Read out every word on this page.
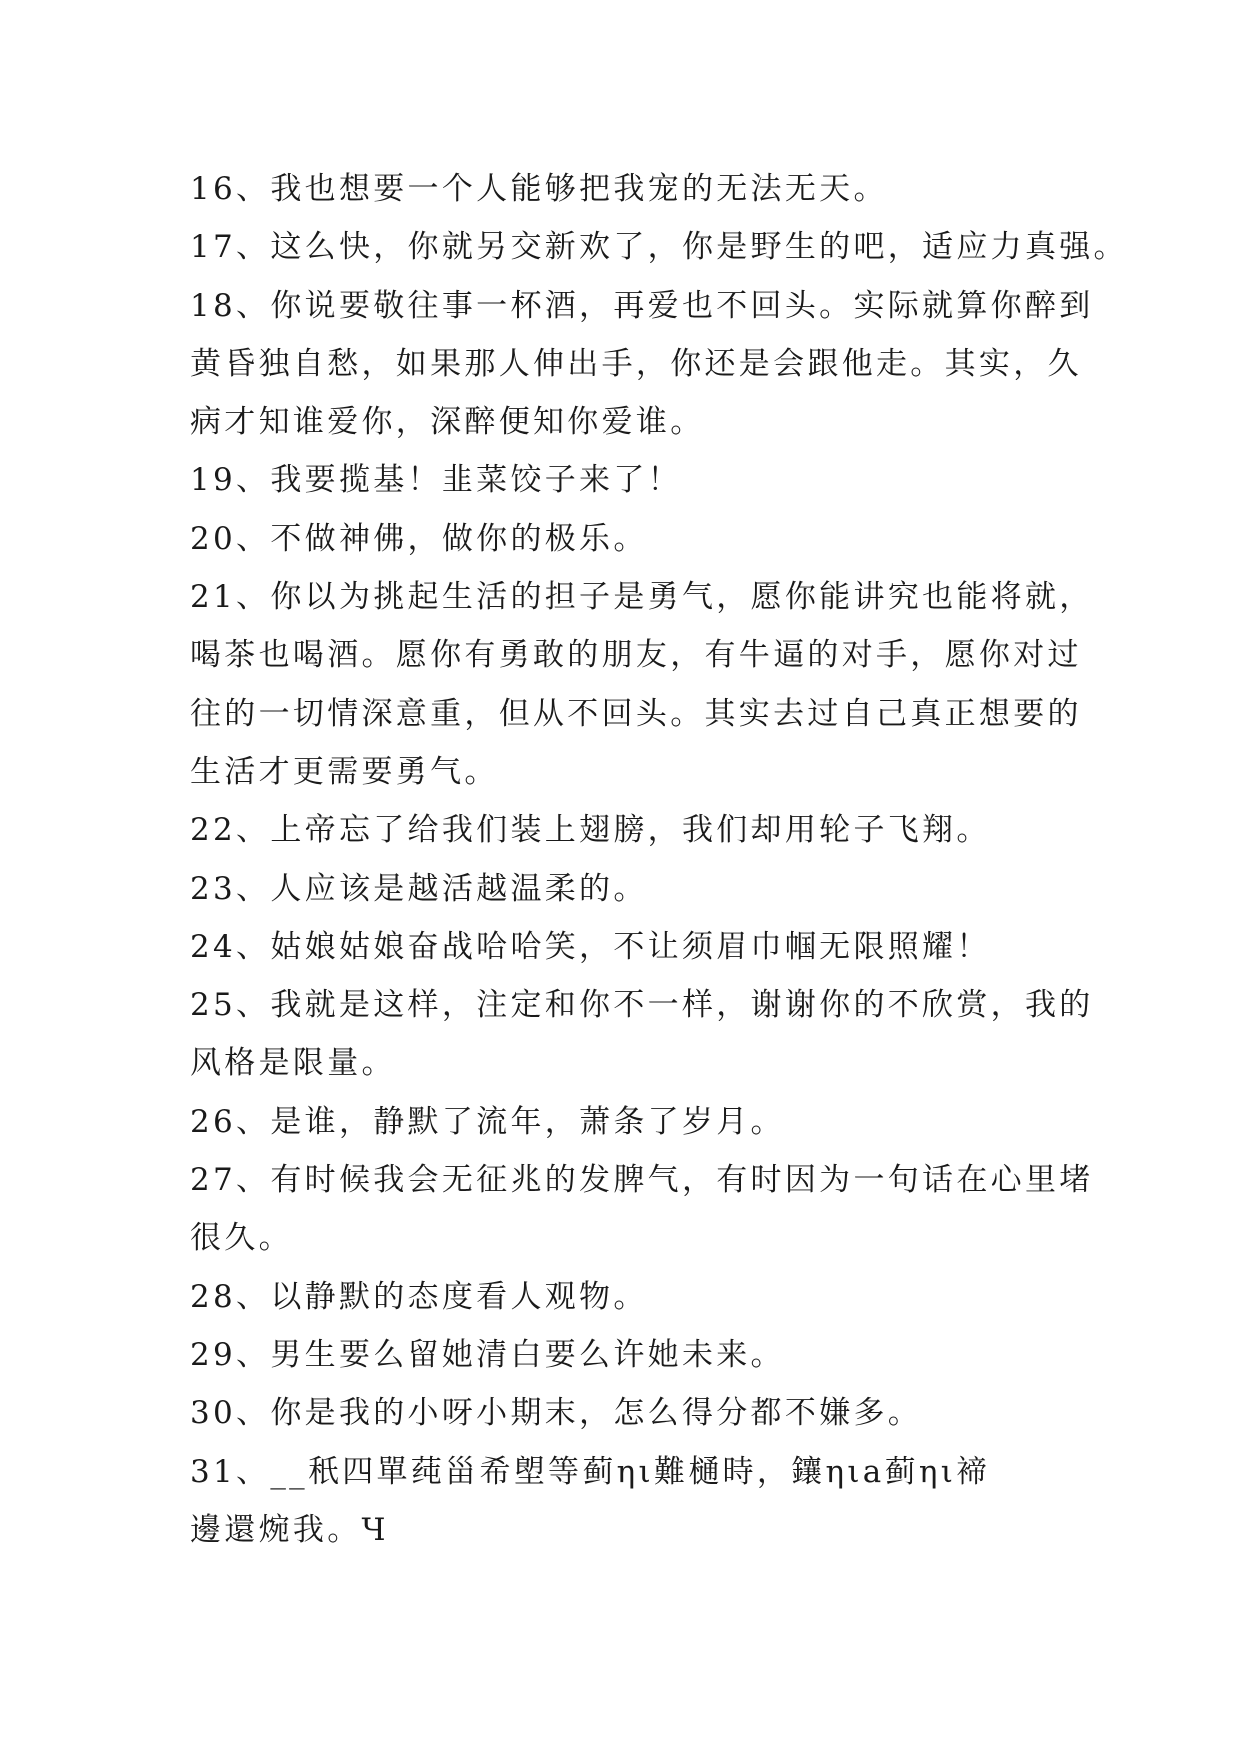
16、我也想要一个人能够把我宠的无法无天。
17、这么快，你就另交新欢了，你是野生的吧，适应力真强。
18、你说要敬往事一杯酒，再爱也不回头。实际就算你醉到
黄昏独自愁，如果那人伸出手，你还是会跟他走。其实，久
病才知谁爱你，深醉便知你爱谁。
19、我要揽基！韭菜饺子来了！
20、不做神佛，做你的极乐。
21、你以为挑起生活的担子是勇气，愿你能讲究也能将就，
喝茶也喝酒。愿你有勇敢的朋友，有牛逼的对手，愿你对过
往的一切情深意重，但从不回头。其实去过自己真正想要的
生活才更需要勇气。
22、上帝忘了给我们装上翅膀，我们却用轮子飞翔。
23、人应该是越活越温柔的。
24、姑娘姑娘奋战哈哈笑，不让须眉巾帼无限照耀！
25、我就是这样，注定和你不一样，谢谢你的不欣赏，我的
风格是限量。
26、是谁，静默了流年，萧条了岁月。
27、有时候我会无征兆的发脾气，有时因为一句话在心里堵
很久。
28、以静默的态度看人观物。
29、男生要么留她清白要么许她未来。
30、你是我的小呀小期末，怎么得分都不嫌多。
31、__秖四單莼甾希塱等蓟ηι難樋時，鑲ηιa蓟ηι褅
邊還焥我。Ч
